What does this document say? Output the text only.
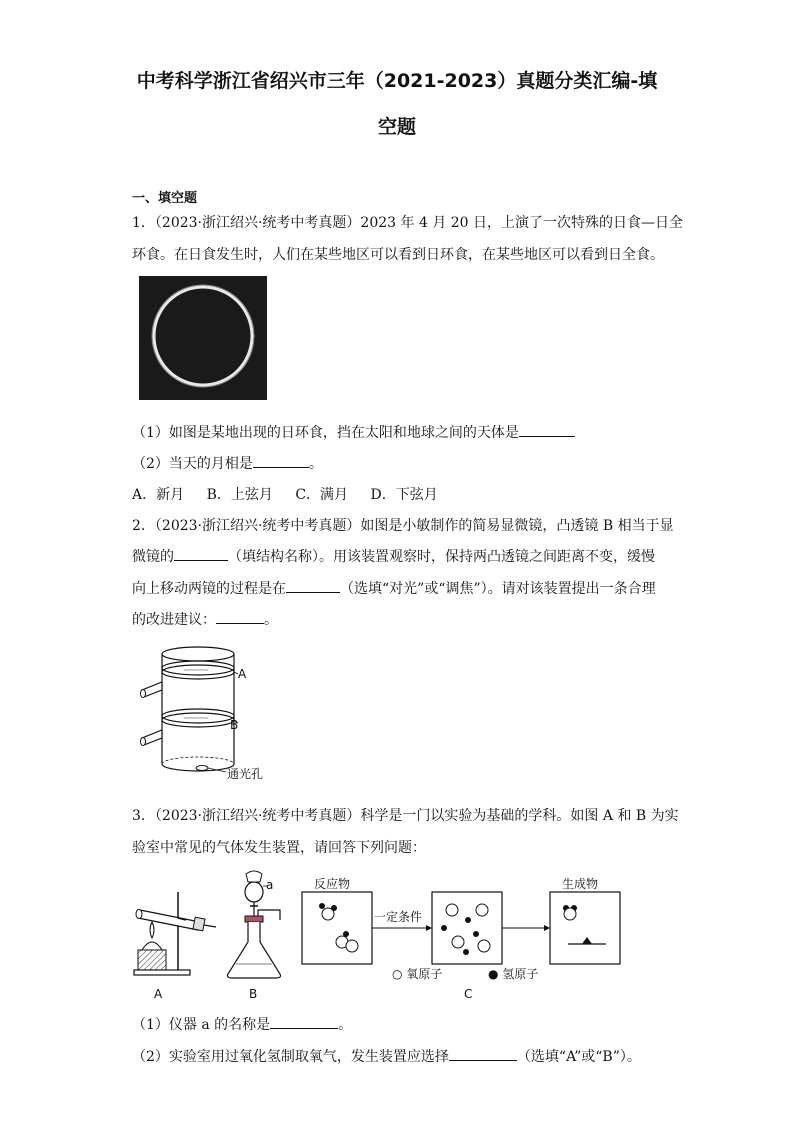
中考科学浙江省绍兴市三年（2021-2023）真题分类汇编-填
空题
一、填空题
1．（2023·浙江绍兴·统考中考真题）2023 年 4 月 20 日，上演了一次特殊的日食—日全
环食。在日食发生时，人们在某些地区可以看到日环食，在某些地区可以看到日全食。
（1）如图是某地出现的日环食，挡在太阳和地球之间的天体是
（2）当天的月相是	。
A．新月 B．上弦月 C．满月 D．下弦月
2．（2023·浙江绍兴·统考中考真题）如图是小敏制作的简易显微镜，凸透镜 B 相当于显
微镜的	（填结构名称）。用该装置观察时，保持两凸透镜之间距离不变，缓慢
向上移动两镜的过程是在	（选填“对光”或“调焦”）。请对该装置提出一条合理
的改进建议：	。
A
B
通光孔
3．（2023·浙江绍兴·统考中考真题）科学是一门以实验为基础的学科。如图 A 和 B 为实
验室中常见的气体发生装置，请回答下列问题：
A
a
B
反应物	生成物
一定条件
○ 氧原子	● 氢原子
C
（1）仪器 a 的名称是	。
（2）实验室用过氧化氢制取氧气，发生装置应选择	（选填“A”或“B”）。
